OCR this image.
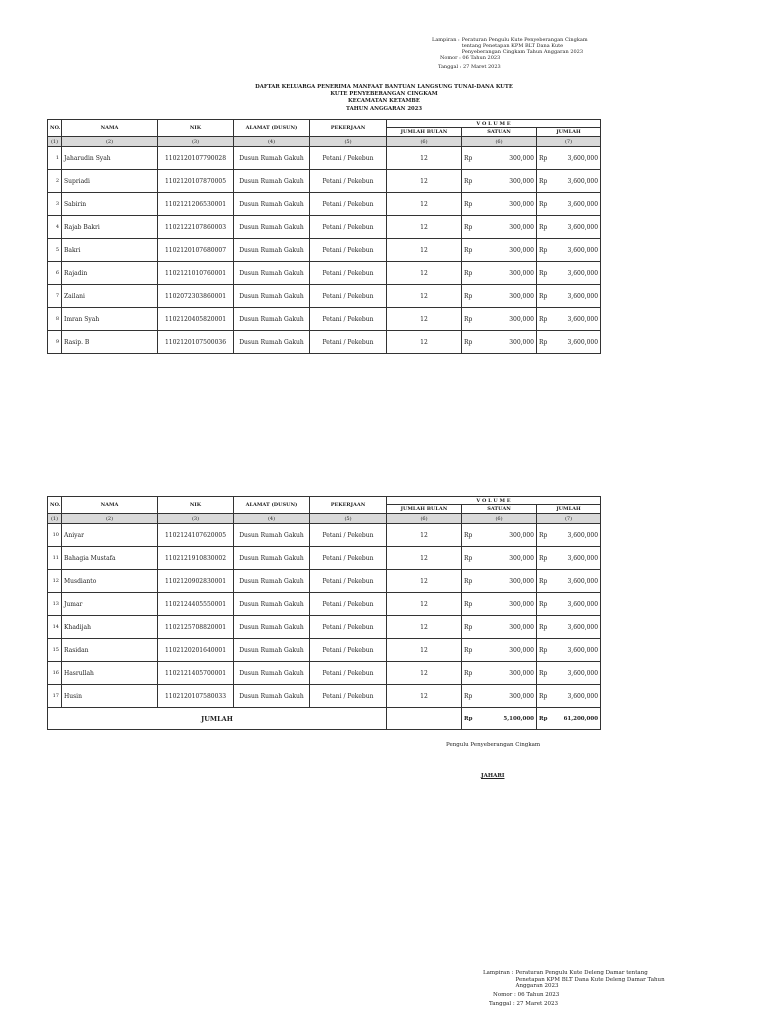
Lampiran : Peraturan Pengulu Kute Penyeberangan Cingkam tentang Penetapan KPM BLT Dana Kute Penyeberangan Cingkam Tahun Anggaran 2023
Nomor : 06 Tahun 2023
Tanggal : 27 Maret 2023
DAFTAR KELUARGA PENERIMA MANFAAT BANTUAN LANGSUNG TUNAI-DANA KUTE
KUTE PENYEBERANGAN CINGKAM
KECAMATAN KETAMBE
TAHUN ANGGARAN 2023
NO.	NAMA	NIK	ALAMAT (DUSUN)	PEKERJAAN	V O L U M E		
					JUMLAH BULAN	SATUAN	JUMLAH
(1)	(2)	(3)	(4)	(5)	(6)	(6)	(7)
1	Jaharudin Syah	1102120107790028	Dusun Rumah Gakuh	Petani / Pekebun	12	Rp 300,000	Rp 3,600,000

2	Supriadi	1102120107870005	Dusun Rumah Gakuh	Petani / Pekebun	12	Rp 300,000	Rp 3,600,000

3	Sabirin	1102121206530001	Dusun Rumah Gakuh	Petani / Pekebun	12	Rp 300,000	Rp 3,600,000

4	Rajab Bakri	1102122107860003	Dusun Rumah Gakuh	Petani / Pekebun	12	Rp 300,000	Rp 3,600,000

5	Bakri	1102120107680007	Dusun Rumah Gakuh	Petani / Pekebun	12	Rp 300,000	Rp 3,600,000

6	Rajadin	1102121010760001	Dusun Rumah Gakuh	Petani / Pekebun	12	Rp 300,000	Rp 3,600,000

7	Zailani	1102072303860001	Dusun Rumah Gakuh	Petani / Pekebun	12	Rp 300,000	Rp 3,600,000

8	Imran Syah	1102120405820001	Dusun Rumah Gakuh	Petani / Pekebun	12	Rp 300,000	Rp 3,600,000

9	Rasip. B	1102120107500036	Dusun Rumah Gakuh	Petani / Pekebun	12	Rp 300,000	Rp 3,600,000
NO.	NAMA	NIK	ALAMAT (DUSUN)	PEKERJAAN	V O L U M E		
					JUMLAH BULAN	SATUAN	JUMLAH
(1)	(2)	(3)	(4)	(5)	(6)	(6)	(7)
10	Aniyar	1102124107620005	Dusun Rumah Gakuh	Petani / Pekebun	12	Rp 300,000	Rp 3,600,000

11	Bahagia Mustafa	1102121910830002	Dusun Rumah Gakuh	Petani / Pekebun	12	Rp 300,000	Rp 3,600,000

12	Musdianto	1102120902830001	Dusun Rumah Gakuh	Petani / Pekebun	12	Rp 300,000	Rp 3,600,000

13	Jumar	1102124405550001	Dusun Rumah Gakuh	Petani / Pekebun	12	Rp 300,000	Rp 3,600,000

14	Khadijah	1102125708820001	Dusun Rumah Gakuh	Petani / Pekebun	12	Rp 300,000	Rp 3,600,000

15	Rasidan	1102120201640001	Dusun Rumah Gakuh	Petani / Pekebun	12	Rp 300,000	Rp 3,600,000

16	Hasrullah	1102121405700001	Dusun Rumah Gakuh	Petani / Pekebun	12	Rp 300,000	Rp 3,600,000

17	Husin	1102120107580033	Dusun Rumah Gakuh	Petani / Pekebun	12	Rp 300,000	Rp 3,600,000

JUMLAH						Rp 5,100,000	Rp 61,200,000
Pengulu Penyeberangan Cingkam
JAHARI
Lampiran : Peraturan Pengulu Kute Deleng Damar tentang Penetapan KPM BLT Dana Kute Deleng Damar Tahun Anggaran 2023
Nomor : 06 Tahun 2023
Tanggal : 27 Maret 2023
